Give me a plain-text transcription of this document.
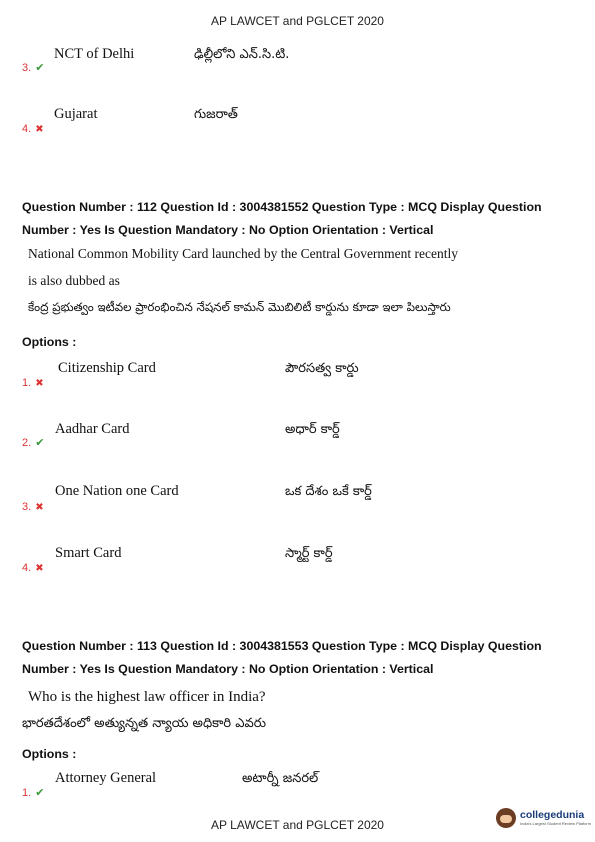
AP LAWCET and PGLCET 2020
3. ✔
NCT of Delhi	ఢిల్లీలోని ఎన్.సి.టి.
4. ✖
Gujarat	గుజరాత్
Question Number : 112 Question Id : 3004381552 Question Type : MCQ Display Question
Number : Yes Is Question Mandatory : No Option Orientation : Vertical
National Common Mobility Card launched by the Central Government recently
is also dubbed as
కేంద్ర ప్రభుత్వం ఇటీవల ప్రారంభించిన నేషనల్ కామన్ మొబిలిటీ కార్డును కూడా ఇలా పిలుస్తారు
Options :
1. ✖
Citizenship Card	పౌరసత్వ కార్డు
2. ✔
Aadhar Card	అధార్ కార్డ్
3. ✖
One Nation one Card	ఒక దేశం ఒకే కార్డ్
4. ✖
Smart Card	స్మార్ట్ కార్డ్
Question Number : 113 Question Id : 3004381553 Question Type : MCQ Display Question
Number : Yes Is Question Mandatory : No Option Orientation : Vertical
Who is the highest law officer in India?
భారతదేశంలో అత్యున్నత న్యాయ అధికారి ఎవరు
Options :
1. ✔
Attorney General	అటార్నీ జనరల్
AP LAWCET and PGLCET 2020
collegedunia
India's Largest Student Review Platform
